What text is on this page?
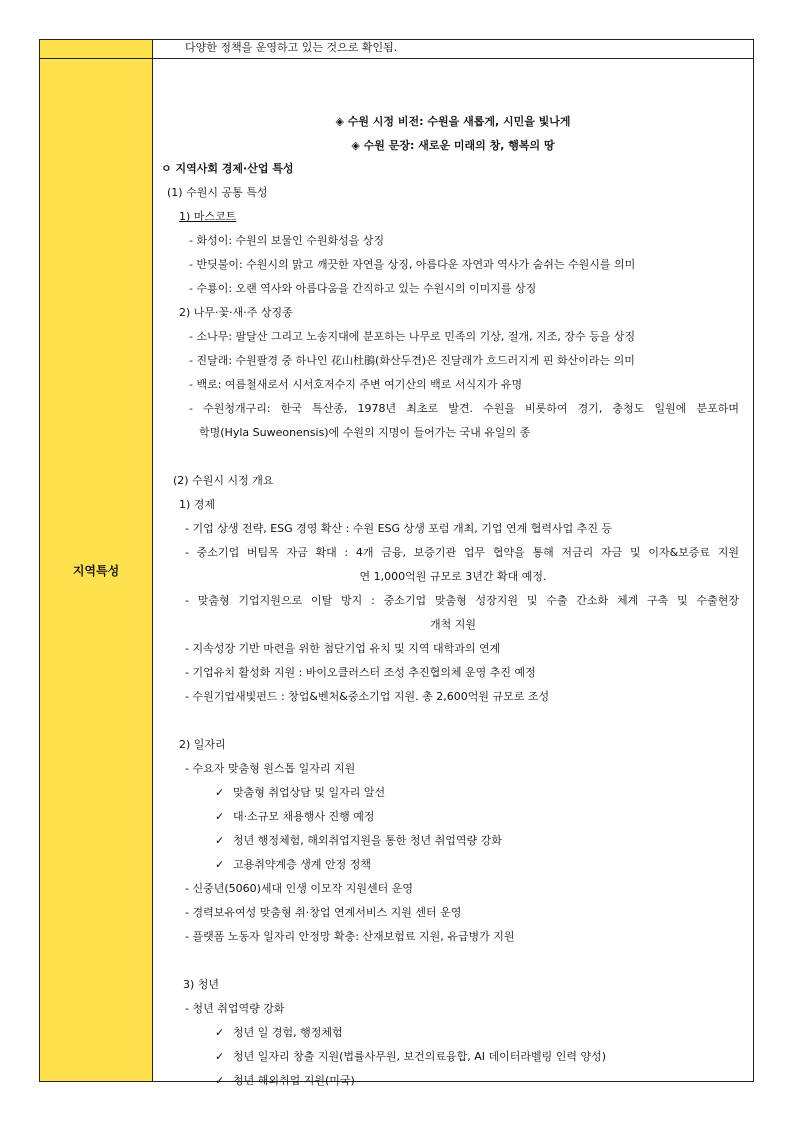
다양한 정책을 운영하고 있는 것으로 확인됨.
지역특성
◈ 수원 시정 비전: 수원을 새롭게, 시민을 빛나게
◈ 수원 문장: 새로운 미래의 창, 행복의 땅
ㅇ 지역사회 경제·산업 특성
(1) 수원시 공통 특성
1) 마스코트
- 화성이: 수원의 보물인 수원화성을 상징
- 반딧불이: 수원시의 맑고 깨끗한 자연을 상징, 아름다운 자연과 역사가 숨쉬는 수원시를 의미
- 수룡이: 오랜 역사와 아름다움을 간직하고 있는 수원시의 이미지를 상징
2) 나무·꽃·새·주 상징종
- 소나무: 팔달산 그리고 노송지대에 분포하는 나무로 민족의 기상, 절개, 지조, 장수 등을 상징
- 진달래: 수원팔경 중 하나인 花山杜鵑(화산두견)은 진달래가 흐드러지게 핀 화산이라는 의미
- 백로: 여름철새로서 시서호저수지 주변 여기산의 백로 서식지가 유명
- 수원청개구리: 한국 특산종, 1978년 최초로 발견. 수원을 비롯하여 경기, 충청도 일원에 분포하며
학명(Hyla Suweonensis)에 수원의 지명이 들어가는 국내 유일의 종
(2) 수원시 시정 개요
1) 경제
- 기업 상생 전략, ESG 경영 확산 : 수원 ESG 상생 포럼 개최, 기업 연계 협력사업 추진 등
- 중소기업 버팀목 자금 확대 : 4개 금융, 보증기관 업무 협약을 통해 저금리 자금 및 이자&보증료 지원
연 1,000억원 규모로 3년간 확대 예정.
- 맞춤형 기업지원으로 이탈 방지 : 중소기업 맞춤형 성장지원 및 수출 간소화 체계 구축 및 수출현장
개척 지원
- 지속성장 기반 마련을 위한 첨단기업 유치 및 지역 대학과의 연계
- 기업유치 활성화 지원 : 바이오클러스터 조성 추진협의체 운영 추진 예정
- 수원기업새빛펀드 : 창업&벤처&중소기업 지원. 총 2,600억원 규모로 조성
2) 일자리
- 수요자 맞춤형 원스톱 일자리 지원
✓ 맞춤형 취업상담 및 일자리 알선
✓ 대·소규모 채용행사 진행 예정
✓ 청년 행정체험, 해외취업지원을 통한 청년 취업역량 강화
✓ 고용취약계층 생계 안정 정책
- 신중년(5060)세대 인생 이모작 지원센터 운영
- 경력보유여성 맞춤형 취·창업 연계서비스 지원 센터 운영
- 플랫폼 노동자 일자리 안정망 확충: 산재보험료 지원, 유급병가 지원
3) 청년
- 청년 취업역량 강화
✓ 청년 일 경험, 행정체험
✓ 청년 일자리 창출 지원(법률사무원, 보건의료융합, AI 데이터라벨링 인력 양성)
✓ 청년 해외취업 지원(미국)
